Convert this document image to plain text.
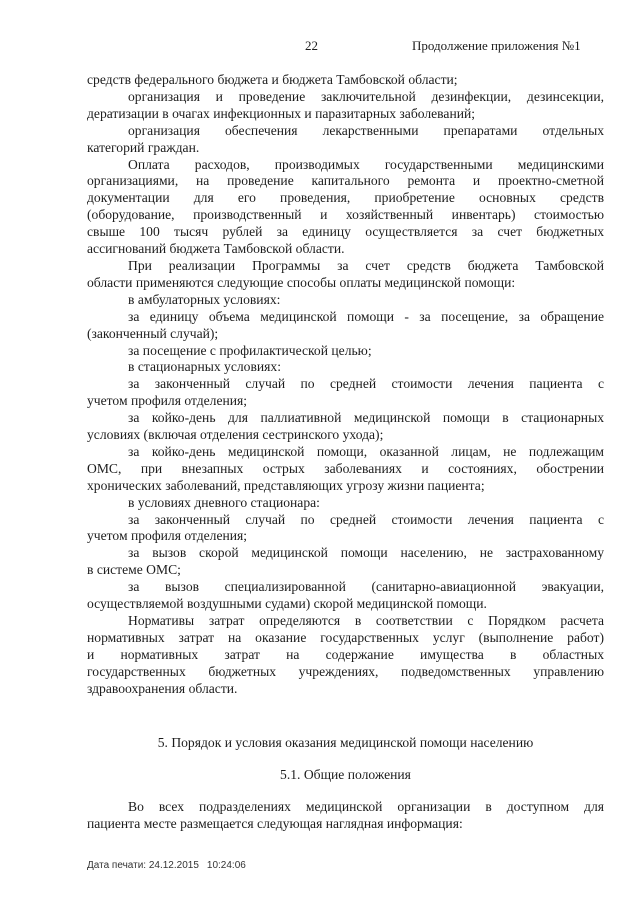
22	Продолжение приложения №1
средств федерального бюджета и бюджета Тамбовской области;
организация и проведение заключительной дезинфекции, дезинсекции,
дератизации в очагах инфекционных и паразитарных заболеваний;
организация обеспечения лекарственными препаратами отдельных
категорий граждан.
Оплата расходов, производимых государственными медицинскими
организациями, на проведение капитального ремонта и проектно-сметной
документации для его проведения, приобретение основных средств
(оборудование, производственный и хозяйственный инвентарь) стоимостью
свыше 100 тысяч рублей за единицу осуществляется за счет бюджетных
ассигнований бюджета Тамбовской области.
При реализации Программы за счет средств бюджета Тамбовской
области применяются следующие способы оплаты медицинской помощи:
в амбулаторных условиях:
за единицу объема медицинской помощи - за посещение, за обращение
(законченный случай);
за посещение с профилактической целью;
в стационарных условиях:
за законченный случай по средней стоимости лечения пациента с
учетом профиля отделения;
за койко-день для паллиативной медицинской помощи в стационарных
условиях (включая отделения сестринского ухода);
за койко-день медицинской помощи, оказанной лицам, не подлежащим
ОМС, при внезапных острых заболеваниях и состояниях, обострении
хронических заболеваний, представляющих угрозу жизни пациента;
в условиях дневного стационара:
за законченный случай по средней стоимости лечения пациента с
учетом профиля отделения;
за вызов скорой медицинской помощи населению, не застрахованному
в системе ОМС;
за вызов специализированной (санитарно-авиационной эвакуации,
осуществляемой воздушными судами) скорой медицинской помощи.
Нормативы затрат определяются в соответствии с Порядком расчета
нормативных затрат на оказание государственных услуг (выполнение работ)
и нормативных затрат на содержание имущества в областных
государственных бюджетных учреждениях, подведомственных управлению
здравоохранения области.
5. Порядок и условия оказания медицинской помощи населению
5.1. Общие положения
Во всех подразделениях медицинской организации в доступном для
пациента месте размещается следующая наглядная информация:
Дата печати: 24.12.2015 10:24:06
